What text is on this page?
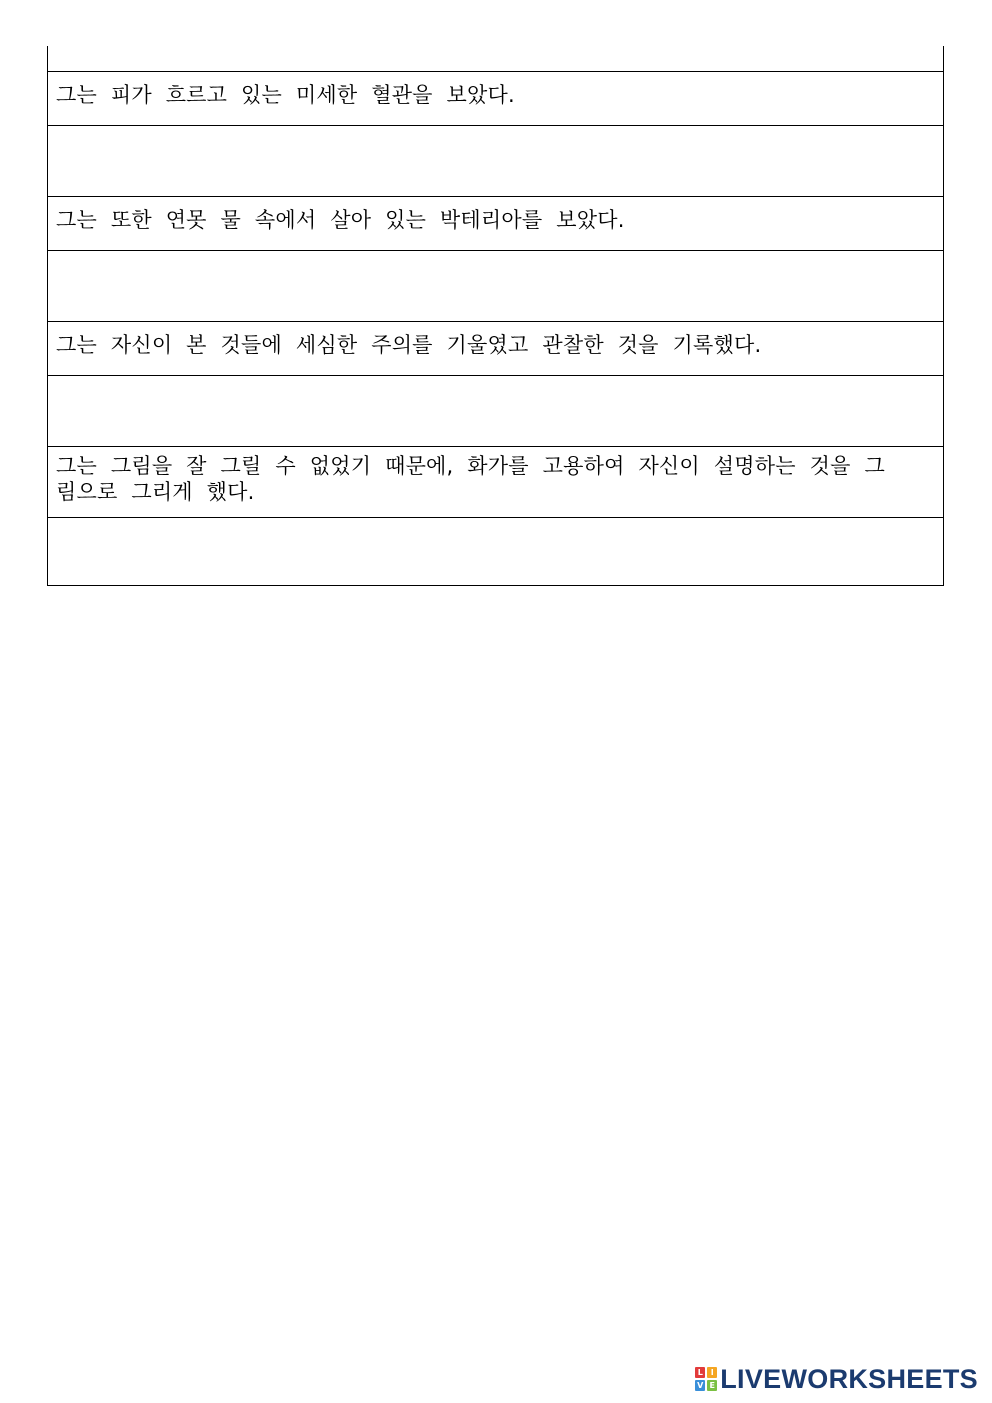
그는 피가 흐르고 있는 미세한 혈관을 보았다.
그는 또한 연못 물 속에서 살아 있는 박테리아를 보았다.
그는 자신이 본 것들에 세심한 주의를 기울였고 관찰한 것을 기록했다.
그는 그림을 잘 그릴 수 없었기 때문에, 화가를 고용하여 자신이 설명하는 것을 그림으로 그리게 했다.
L I
V E LIVEWORKSHEETS
